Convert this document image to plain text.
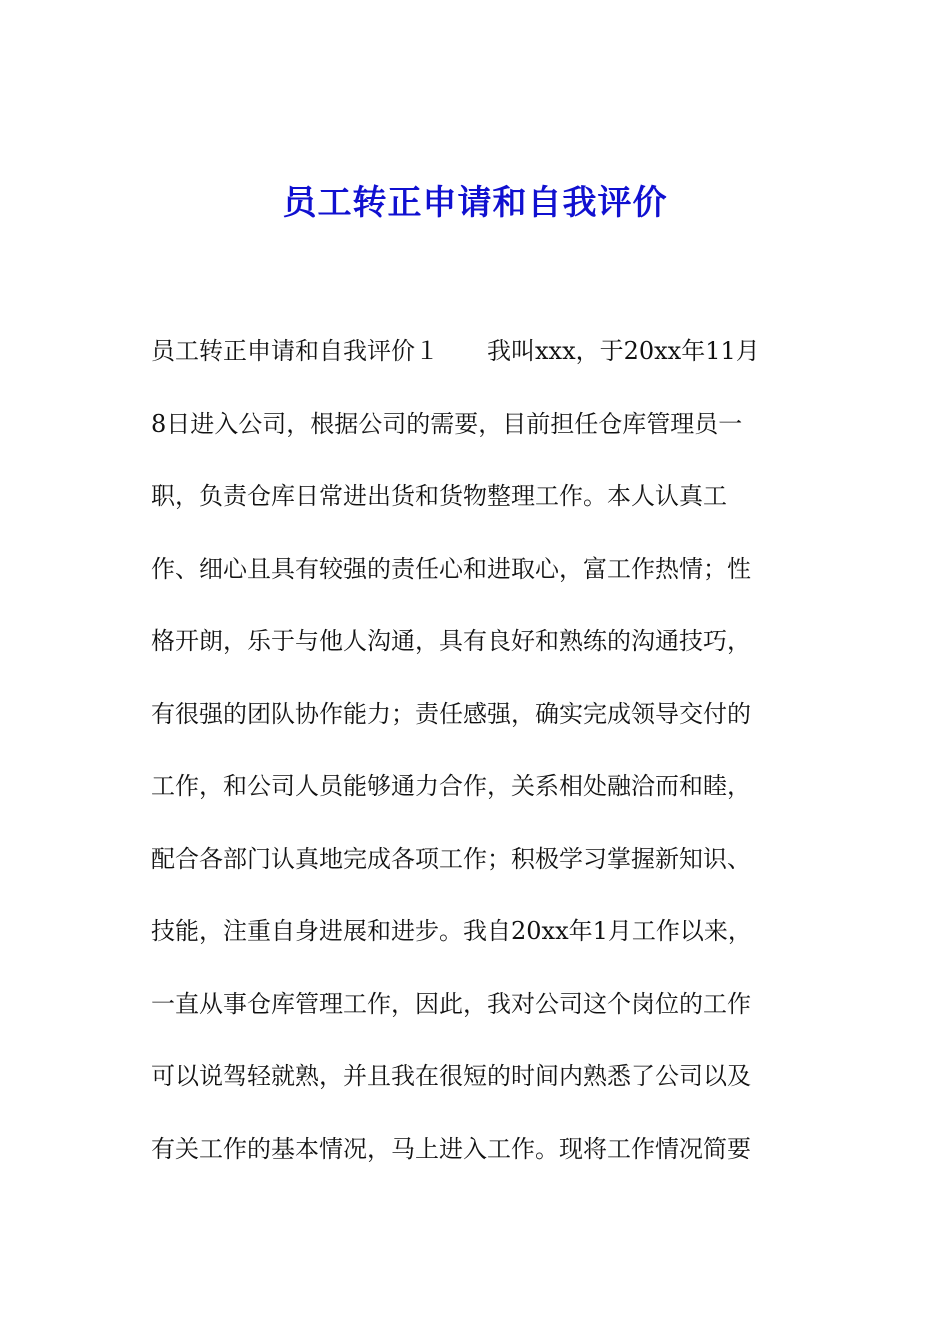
员工转正申请和自我评价
员工转正申请和自我评价１　　我叫xxx，于20xx年11月
8日进入公司，根据公司的需要，目前担任仓库管理员一
职，负责仓库日常进出货和货物整理工作。本人认真工
作、细心且具有较强的责任心和进取心，富工作热情；性
格开朗，乐于与他人沟通，具有良好和熟练的沟通技巧，
有很强的团队协作能力；责任感强，确实完成领导交付的
工作，和公司人员能够通力合作，关系相处融洽而和睦，
配合各部门认真地完成各项工作；积极学习掌握新知识、
技能，注重自身进展和进步。我自20xx年1月工作以来，
一直从事仓库管理工作，因此，我对公司这个岗位的工作
可以说驾轻就熟，并且我在很短的时间内熟悉了公司以及
有关工作的基本情况，马上进入工作。现将工作情况简要
